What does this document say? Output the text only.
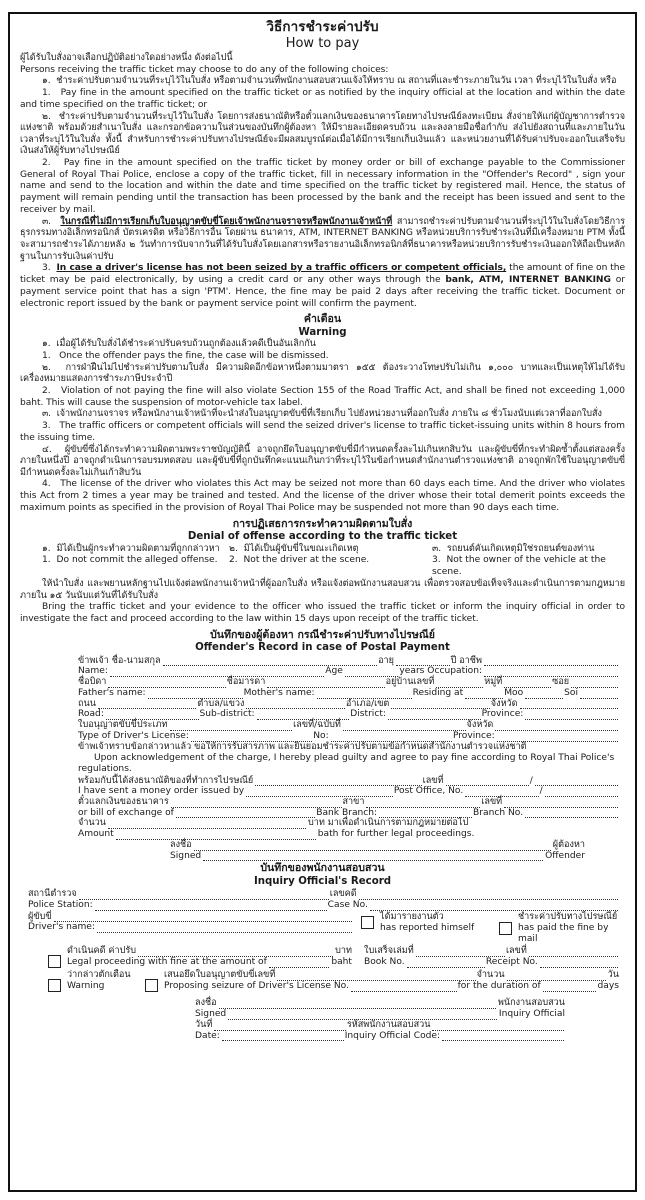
วิธีการชำระค่าปรับ
How to pay

ผู้ได้รับใบสั่งอาจเลือกปฏิบัติอย่างใดอย่างหนึ่ง ดังต่อไปนี้

Persons receiving the traffic ticket may choose to do any of the following choices:

๑. ชำระค่าปรับตามจำนวนที่ระบุไว้ในใบสั่ง หรือตามจำนวนที่พนักงานสอบสวนแจ้งให้ทราบ ณ สถานที่และชำระภายในวัน เวลา ที่ระบุไว้ในใบสั่ง หรือ

1. Pay fine in the amount specified on the traffic ticket or as notified by the inquiry official at the location and within the date and time specified on the traffic ticket; or

๒. ชำระค่าปรับตามจำนวนที่ระบุไว้ในใบสั่ง โดยการส่งธนาณัติหรือตั๋วแลกเงินของธนาคารโดยทางไปรษณีย์ลงทะเบียน สั่งจ่ายให้แก่ผู้บัญชาการตำรวจแห่งชาติ พร้อมด้วยสำเนาใบสั่ง และกรอกข้อความในส่วนของบันทึกผู้ต้องหา ให้มีรายละเอียดครบถ้วน และลงลายมือชื่อกำกับ ส่งไปยังสถานที่และภายในวัน เวลาที่ระบุไว้ในใบสั่ง ทั้งนี้ สำหรับการชำระค่าปรับทางไปรษณีย์จะมีผลสมบูรณ์ต่อเมื่อได้มีการเรียกเก็บเงินแล้ว และหน่วยงานที่ได้รับค่าปรับจะออกใบเสร็จรับเงินส่งให้ผู้รับทางไปรษณีย์

2. Pay fine in the amount specified on the traffic ticket by money order or bill of exchange payable to the Commissioner General of Royal Thai Police, enclose a copy of the traffic ticket, fill in necessary information in the "Offender's Record" , sign your name and send to the location and within the date and time specified on the traffic ticket by registered mail. Hence, the status of payment will remain pending until the transaction has been processed by the bank and the receipt has been issued and sent to the receiver by mail.

๓. ในกรณีที่ไม่มีการเรียกเก็บใบอนุญาตขับขี่โดยเจ้าพนักงานจราจรหรือพนักงานเจ้าหน้าที่ สามารถชำระค่าปรับตามจำนวนที่ระบุไว้ในใบสั่งโดยวิธีการธุรกรรมทางอิเล็กทรอนิกส์ บัตรเครดิต หรือวิธีการอื่น โดยผ่าน ธนาคาร, ATM, INTERNET BANKING หรือหน่วยบริการรับชำระเงินที่มีเครื่องหมาย PTM ทั้งนี้จะสามารถชำระได้ภายหลัง ๒ วันทำการนับจากวันที่ได้รับใบสั่งโดยเอกสารหรือรายงานอิเล็กทรอนิกส์ที่ธนาคารหรือหน่วยบริการรับชำระเงินออกให้ถือเป็นหลักฐานในการรับเงินค่าปรับ

3. In case a driver's license has not been seized by a traffic officers or competent officials, the amount of fine on the ticket may be paid electronically, by using a credit card or any other ways through the bank, ATM, INTERNET BANKING or payment service point that has a sign 'PTM'. Hence, the fine may be paid 2 days after receiving the traffic ticket. Document or electronic report issued by the bank or payment service point will confirm the payment.

คำเตือน
Warning

๑. เมื่อผู้ได้รับใบสั่งได้ชำระค่าปรับครบถ้วนถูกต้องแล้วคดีเป็นอันเลิกกัน

1. Once the offender pays the fine, the case will be dismissed.

๒. การฝ่าฝืนไม่ไปชำระค่าปรับตามใบสั่ง มีความผิดอีกข้อหาหนึ่งตามมาตรา ๑๕๕ ต้องระวางโทษปรับไม่เกิน ๑,๐๐๐ บาทและเป็นเหตุให้ไม่ได้รับเครื่องหมายแสดงการชำระภาษีประจำปี

2. Violation of not paying the fine will also violate Section 155 of the Road Traffic Act, and shall be fined not exceeding 1,000 baht. This will cause the suspension of motor-vehicle tax label.

๓. เจ้าพนักงานจราจร หรือพนักงานเจ้าหน้าที่จะนำส่งใบอนุญาตขับขี่ที่เรียกเก็บ ไปยังหน่วยงานที่ออกใบสั่ง ภายใน ๘ ชั่วโมงนับแต่เวลาที่ออกใบสั่ง

3. The traffic officers or competent officials will send the seized driver's license to traffic ticket-issuing units within 8 hours from the issuing time.

๔. ผู้ขับขี่ซึ่งได้กระทำความผิดตามพระราชบัญญัตินี้ อาจถูกยึดใบอนุญาตขับขี่มีกำหนดครั้งละไม่เกินหกสิบวัน และผู้ขับขี่ที่กระทำผิดซ้ำตั้งแต่สองครั้งภายในหนึ่งปี อาจถูกดำเนินการอบรมทดสอบ และผู้ขับขี่ที่ถูกบันทึกคะแนนเกินกว่าที่ระบุไว้ในข้อกำหนดสำนักงานตำรวจแห่งชาติ อาจถูกพักใช้ใบอนุญาตขับขี่ มีกำหนดครั้งละไม่เกินเก้าสิบวัน

4. The license of the driver who violates this Act may be seized not more than 60 days each time. And the driver who violates this Act from 2 times a year may be trained and tested. And the license of the driver whose their total demerit points exceeds the maximum points as specified in the provision of Royal Thai Police may be suspended not more than 90 days each time.

การปฏิเสธการกระทำความผิดตามใบสั่ง
Denial of offense according to the traffic ticket
๑. มิได้เป็นผู้กระทำความผิดตามที่ถูกกล่าวหา	๒. มิได้เป็นผู้ขับขี่ในขณะเกิดเหตุ	๓. รถยนต์คันเกิดเหตุมิใช่รถยนต์ของท่าน
1. Do not commit the alleged offense.	2. Not the driver at the scene.	3. Not the owner of the vehicle at the scene.

ให้นำใบสั่ง และพยานหลักฐานไปแจ้งต่อพนักงานเจ้าหน้าที่ผู้ออกใบสั่ง หรือแจ้งต่อพนักงานสอบสวน เพื่อตรวจสอบข้อเท็จจริงและดำเนินการตามกฎหมาย ภายใน ๑๕ วันนับแต่วันที่ได้รับใบสั่ง

Bring the traffic ticket and your evidence to the officer who issued the traffic ticket or inform the inquiry official in order to investigate the fact and proceed according to the law within 15 days upon receipt of the traffic ticket.

บันทึกของผู้ต้องหา กรณีชำระค่าปรับทางไปรษณีย์
Offender's Record in case of Postal Payment
ข้าพเจ้า ชื่อ-นามสกุล	อายุ	ปี อาชีพ
Name:	Age	years Occupation:
ชื่อบิดา	ชื่อมารดา	อยู่บ้านเลขที่	หมู่ที่	ซอย
Father's name:	Mother's name:	Residing at	Moo	Soi
ถนน	ตำบล/แขวง	อำเภอ/เขต	จังหวัด
Road:	Sub-district:	District:	Province:
ใบอนุญาตขับขี่ประเภท	เลขที่/ฉบับที่	จังหวัด
Type of Driver's License:	No:	Province:
ข้าพเจ้าทราบข้อกล่าวหาแล้ว ขอให้การรับสารภาพ และยินยอมชำระค่าปรับตามข้อกำหนดสำนักงานตำรวจแห่งชาติ
Upon acknowledgement of the charge, I hereby plead guilty and agree to pay fine according to Royal Thai Police's regulations.
พร้อมกับนี้ได้ส่งธนาณัติของที่ทำการไปรษณีย์	เลขที่	/
I have sent a money order issued by	Post Office, No.	/
ตั๋วแลกเงินของธนาคาร	สาขา	เลขที่
or bill of exchange of	Bank Branch:	Branch No.
จำนวน	บาท มาเพื่อดำเนินการตามกฎหมายต่อไป
Amount	bath for further legal proceedings.
ลงชื่อ	ผู้ต้องหา
Signed	Offender
บันทึกของพนักงานสอบสวน
Inquiry Official's Record
สถานีตำรวจ	เลขคดี
Police Station:	Case No.
ผู้ขับขี่
Driver's name:
ได้มารายงานตัว
has reported himself
ชำระค่าปรับทางไปรษณีย์
has paid the fine by mail
ดำเนินคดี ค่าปรับ	บาท ใบเสร็จเล่มที่	เลขที่
Legal proceeding with fine at the amount of	baht Book No.	Receipt No.
ว่ากล่าวตักเตือน
Warning
เสนอยึดใบอนุญาตขับขี่เลขที่	จำนวน	วัน
Proposing seizure of Driver's License No.	for the duration of	days
ลงชื่อ	พนักงานสอบสวน
Signed	Inquiry Official
วันที่	รหัสพนักงานสอบสวน
Date:	Inquiry Official Code:
